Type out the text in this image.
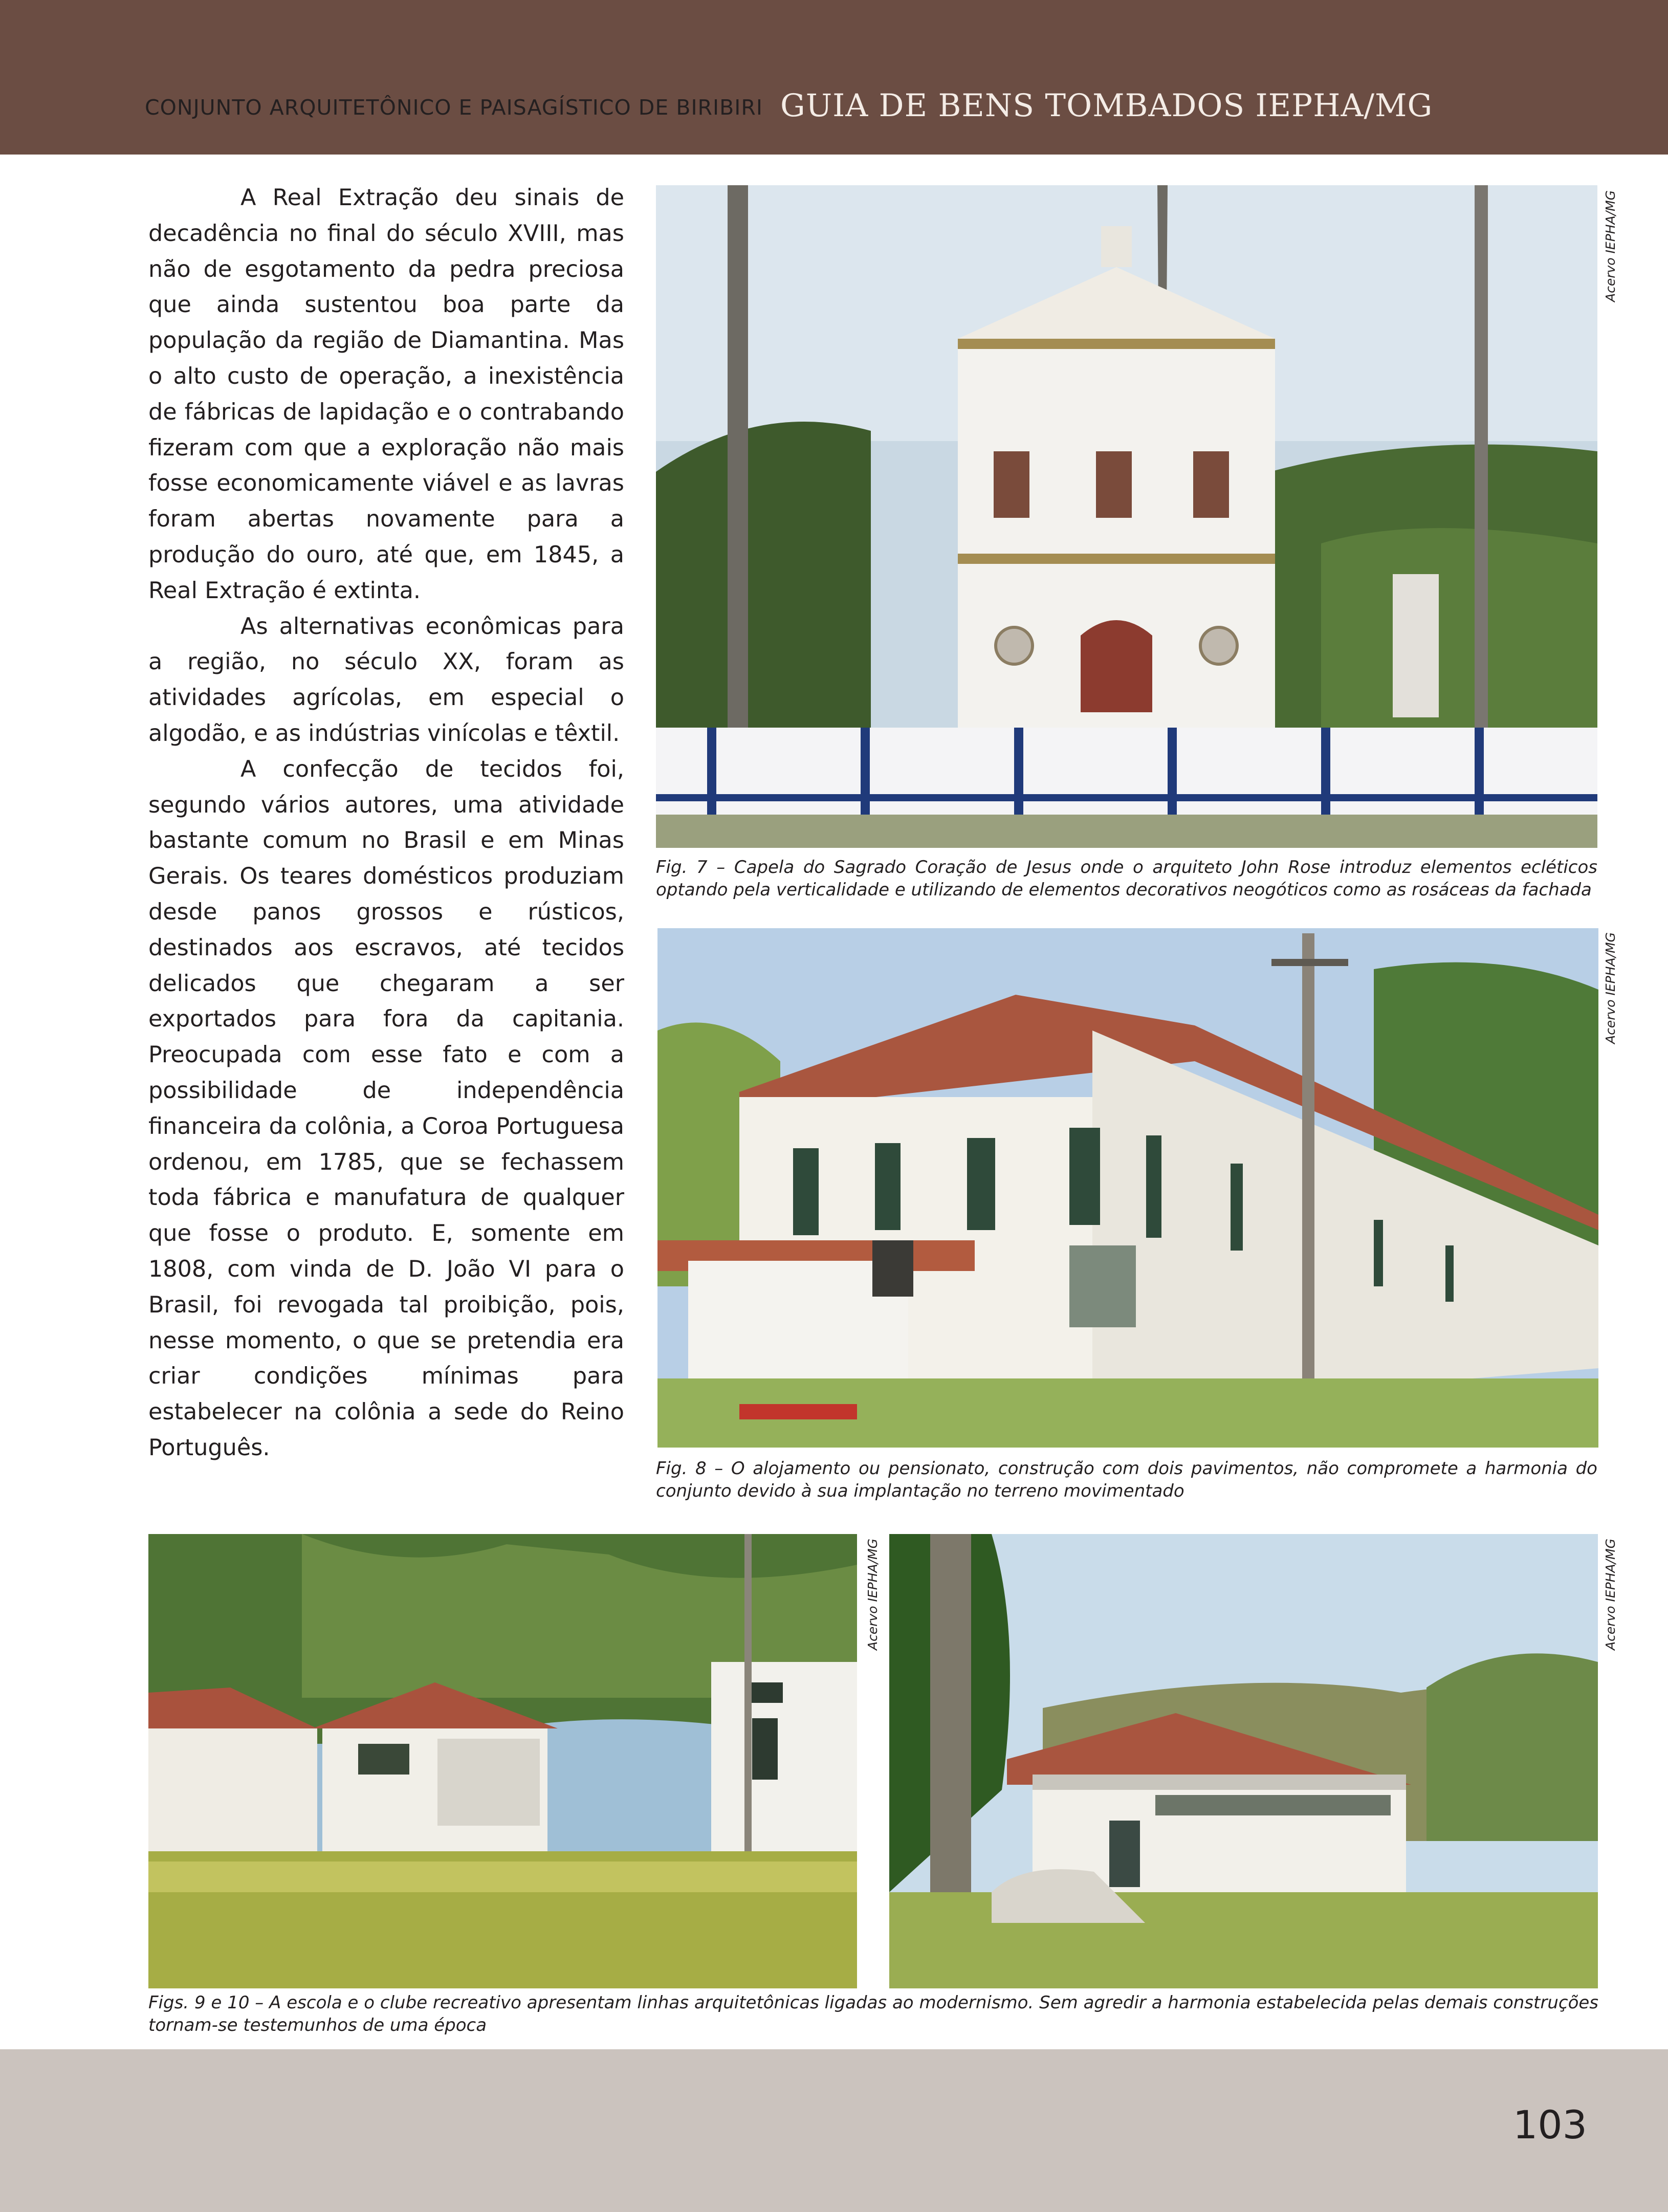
CONJUNTO ARQUITETÔNICO E PAISAGÍSTICO DE BIRIBIRI GUIA DE BENS TOMBADOS IEPHA/MG

A Real Extração deu sinais de decadência no final do século XVIII, mas não de esgotamento da pedra preciosa que ainda sustentou boa parte da população da região de Diamantina. Mas o alto custo de operação, a inexistência de fábricas de lapidação e o contrabando fizeram com que a exploração não mais fosse economicamente viável e as lavras foram abertas novamente para a produção do ouro, até que, em 1845, a Real Extração é extinta.

As alternativas econômicas para a região, no século XX, foram as atividades agrícolas, em especial o algodão, e as indústrias vinícolas e têxtil.

A confecção de tecidos foi, segundo vários autores, uma atividade bastante comum no Brasil e em Minas Gerais. Os teares domésticos produziam desde panos grossos e rústicos, destinados aos escravos, até tecidos delicados que chegaram a ser exportados para fora da capitania. Preocupada com esse fato e com a possibilidade de independência financeira da colônia, a Coroa Portuguesa ordenou, em 1785, que se fechassem toda fábrica e manufatura de qualquer que fosse o produto. E, somente em 1808, com vinda de D. João VI para o Brasil, foi revogada tal proibição, pois, nesse momento, o que se pretendia era criar condições mínimas para estabelecer na colônia a sede do Reino Português.

Acervo IEPHA/MG
Fig. 7 – Capela do Sagrado Coração de Jesus onde o arquiteto John Rose introduz elementos ecléticos optando pela verticalidade e utilizando de elementos decorativos neogóticos como as rosáceas da fachada
Acervo IEPHA/MG
Fig. 8 – O alojamento ou pensionato, construção com dois pavimentos, não compromete a harmonia do conjunto devido à sua implantação no terreno movimentado
Acervo IEPHA/MG	Acervo IEPHA/MG
Figs. 9 e 10 – A escola e o clube recreativo apresentam linhas arquitetônicas ligadas ao modernismo. Sem agredir a harmonia estabelecida pelas demais construções tornam-se testemunhos de uma época
103
